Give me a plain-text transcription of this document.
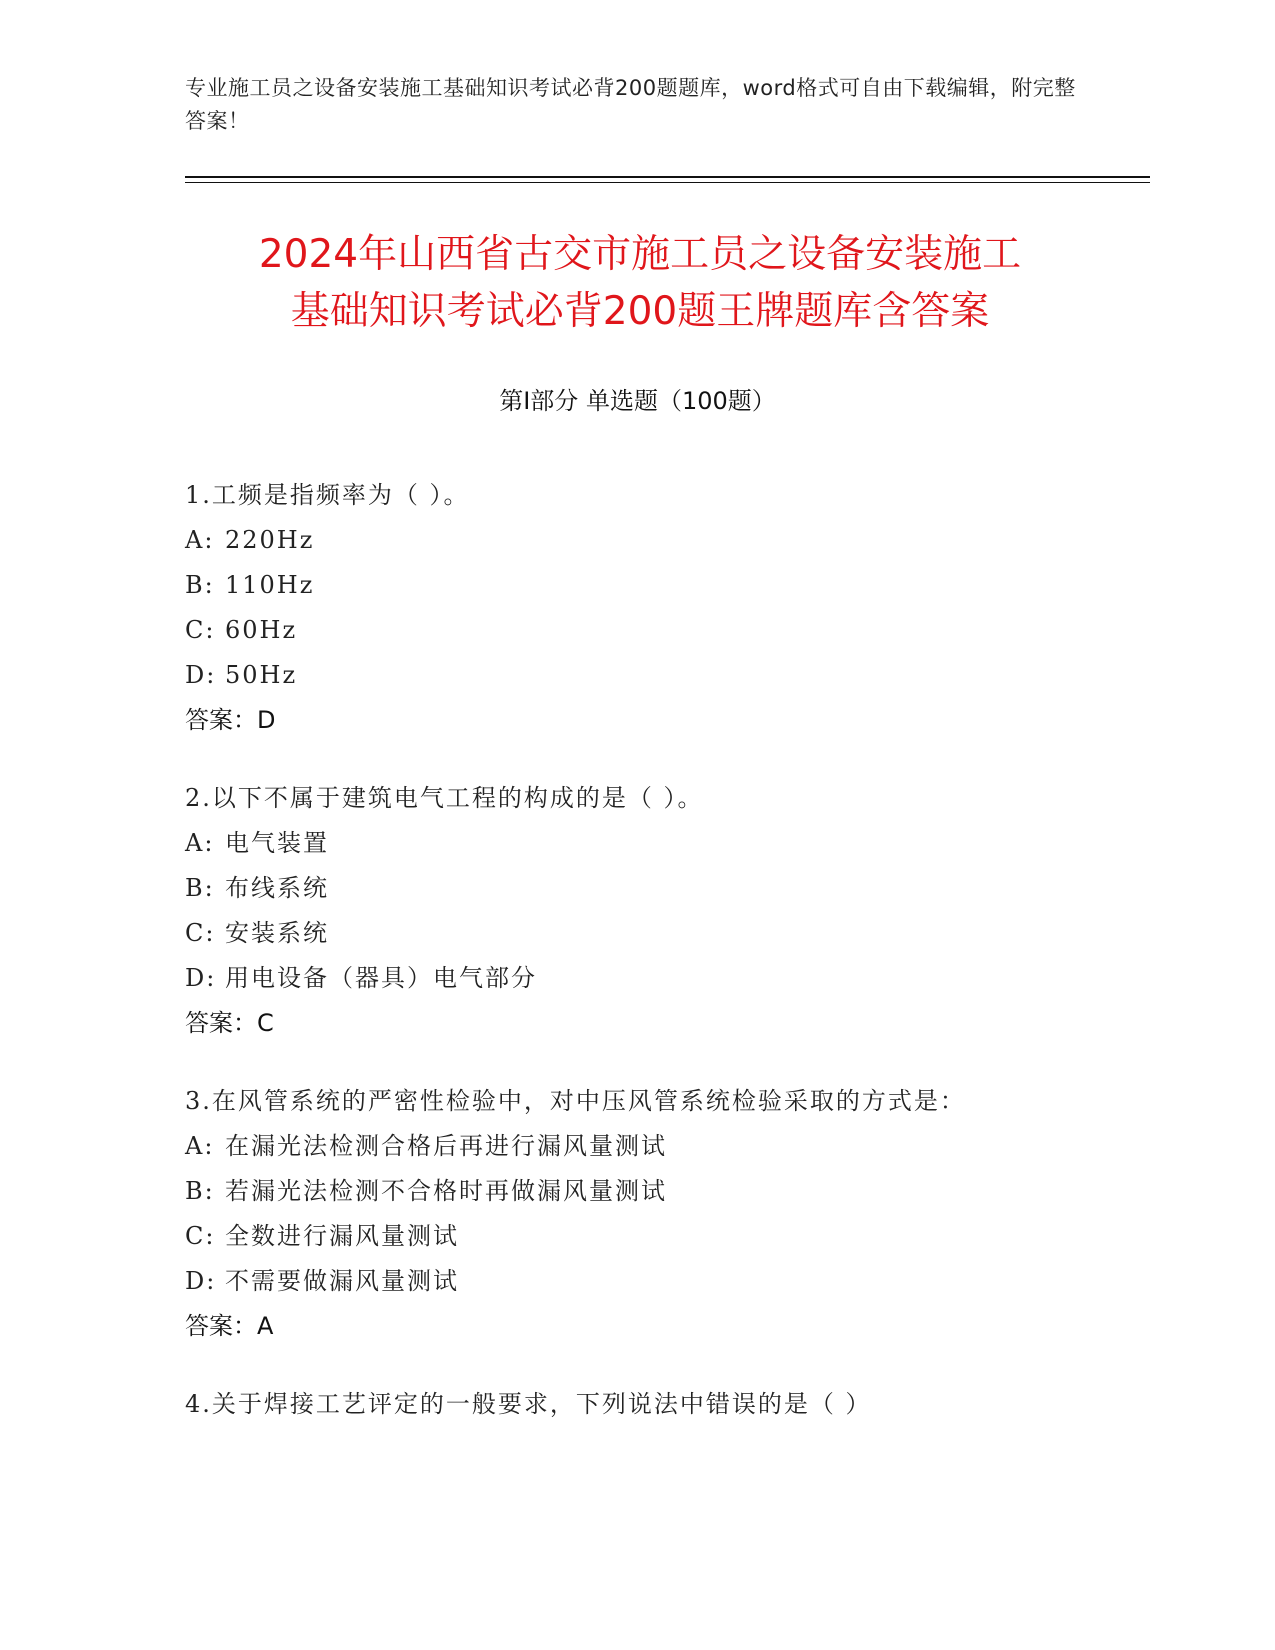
专业施工员之设备安装施工基础知识考试必背200题题库，word格式可自由下载编辑，附完整答案！
2024年山西省古交市施工员之设备安装施工
基础知识考试必背200题王牌题库含答案
第I部分 单选题（100题）
1.工频是指频率为（ ）。
A: 220Hz
B: 110Hz
C: 60Hz
D: 50Hz
答案：D
2.以下不属于建筑电气工程的构成的是（ ）。
A: 电气装置
B: 布线系统
C: 安装系统
D: 用电设备（器具）电气部分
答案：C
3.在风管系统的严密性检验中，对中压风管系统检验采取的方式是：
A: 在漏光法检测合格后再进行漏风量测试
B: 若漏光法检测不合格时再做漏风量测试
C: 全数进行漏风量测试
D: 不需要做漏风量测试
答案：A
4.关于焊接工艺评定的一般要求，下列说法中错误的是（ ）
